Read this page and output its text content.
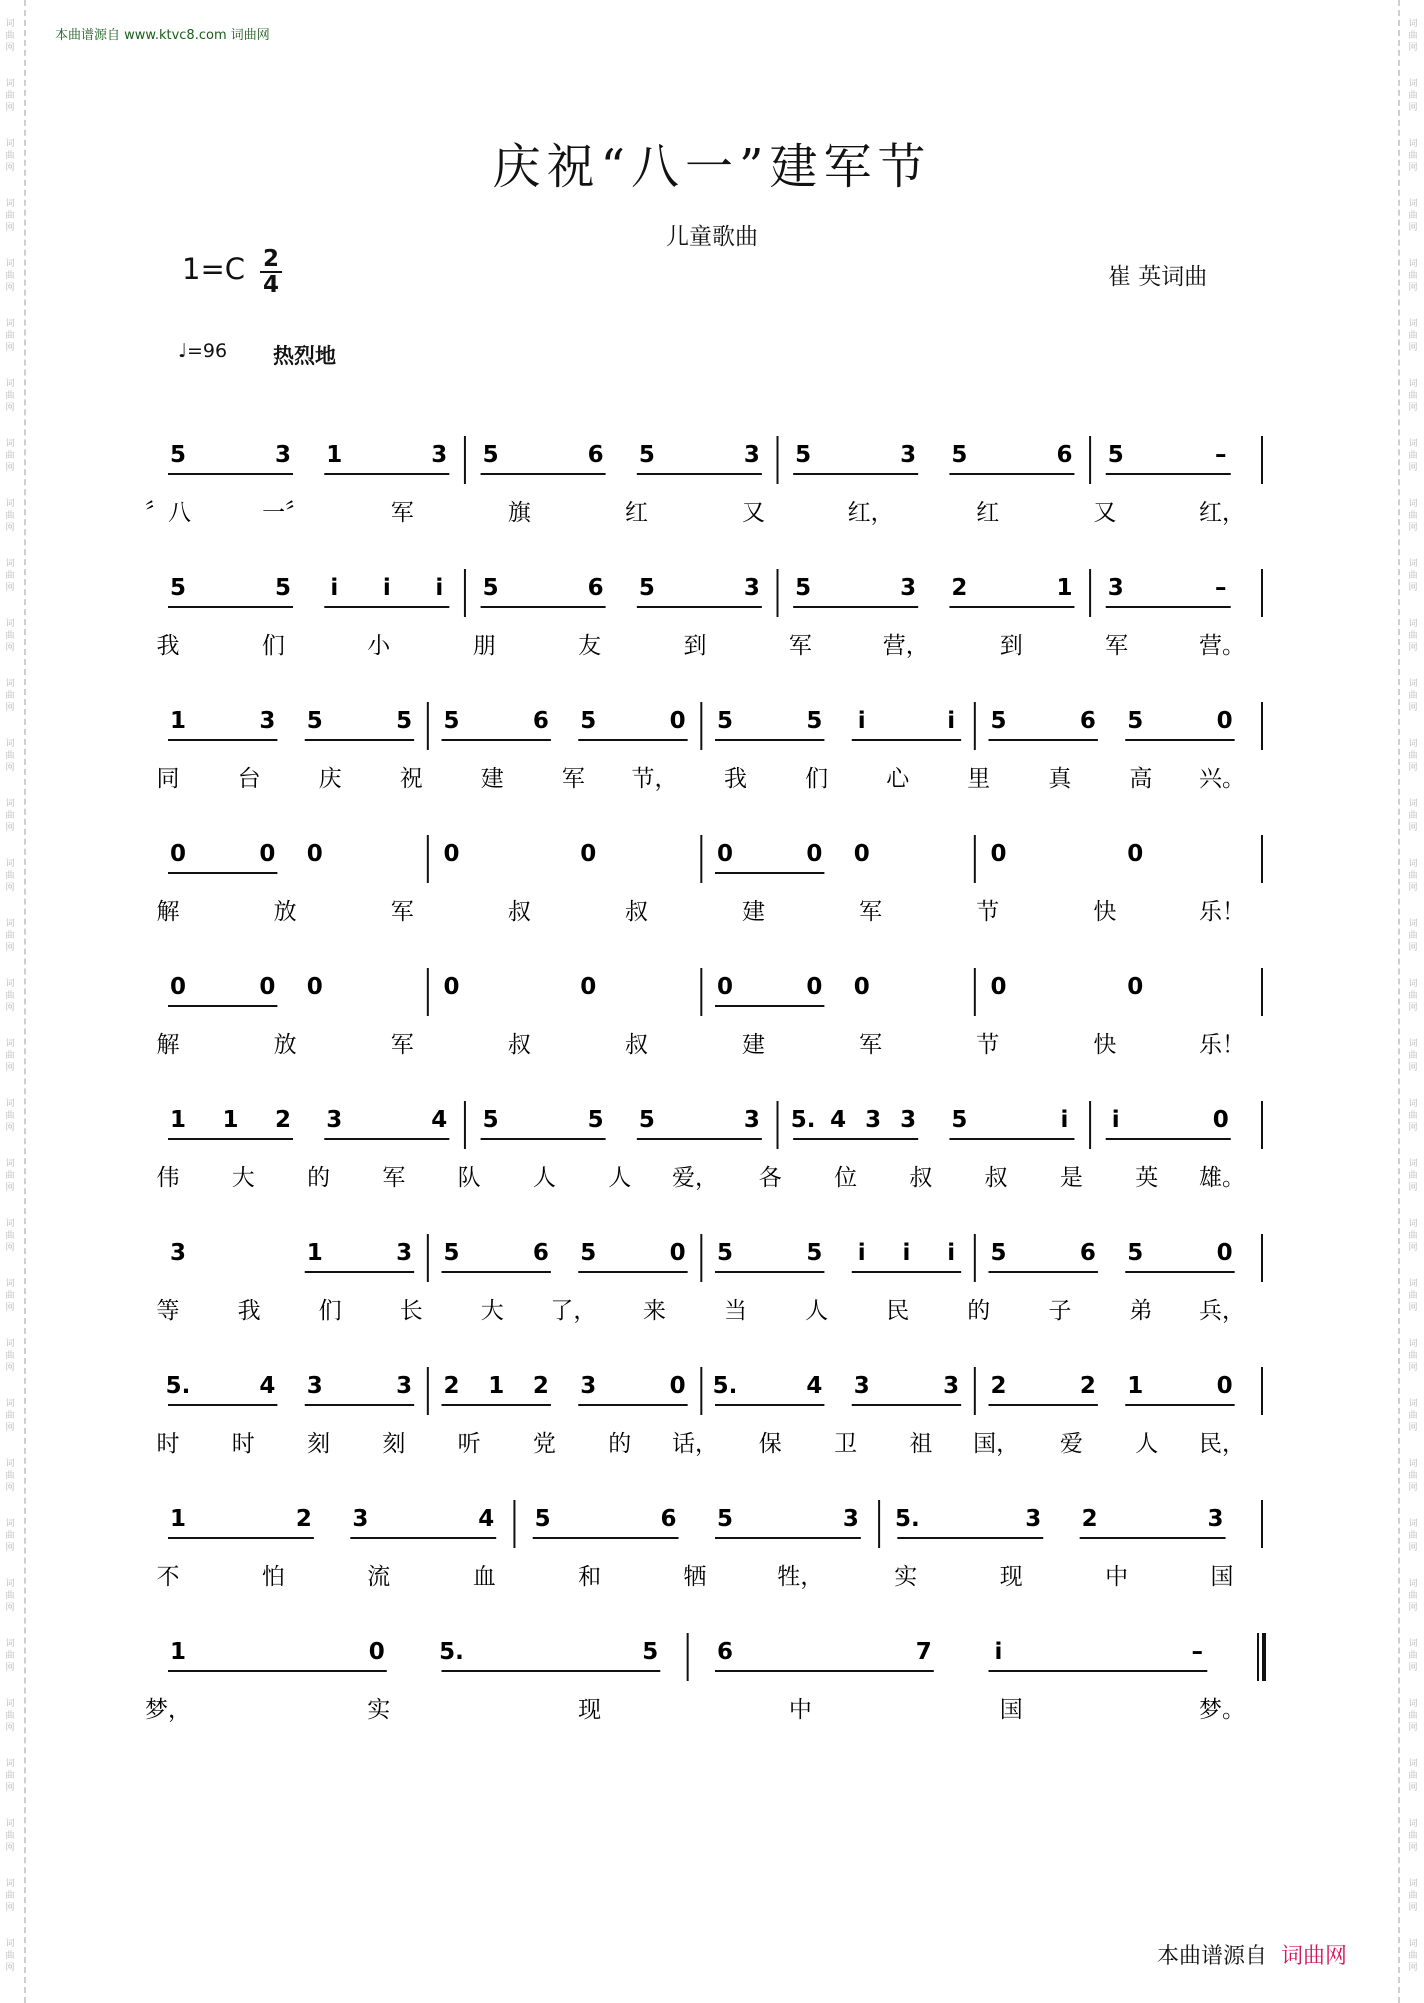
词
曲
网
词
曲
网
词
曲
网
词
曲
网
词
曲
网
词
曲
网
词
曲
网
词
曲
网
词
曲
网
词
曲
网
词
曲
网
词
曲
网
词
曲
网
词
曲
网
词
曲
网
词
曲
网
词
曲
网
词
曲
网
词
曲
网
词
曲
网
词
曲
网
词
曲
网
词
曲
网
词
曲
网
词
曲
网
词
曲
网
词
曲
网
词
曲
网
词
曲
网
词
曲
网
词
曲
网
词
曲
网
词
曲
网
词
曲
网
词
曲
网
词
曲
网
词
曲
网
词
曲
网
词
曲
网
词
曲
网
词
曲
网
词
曲
网
词
曲
网
词
曲
网
词
曲
网
词
曲
网
词
曲
网
词
曲
网
词
曲
网
词
曲
网
词
曲
网
词
曲
网
词
曲
网
词
曲
网
词
曲
网
词
曲
网
词
曲
网
词
曲
网
词
曲
网
词
曲
网
词
曲
网
词
曲
网
词
曲
网
词
曲
网
词
曲
网
词
曲
网
本曲谱源自 www.ktvc8.com 词曲网
庆祝“八一”建军节
儿童歌曲
1=C 2
4	崔 英词曲
♩=96 热烈地
5	3 1	3 5	6 5	3 5	3 5	6 5	–
〞八	一〞	军	旗	红	又	红，	红	又	红，
5	5 i i i 5	6 5	3 5	3 2	1 3	–
我	们	小	朋	友	到	军	营，	到	军	营。
1	3 5	5 5	6 5	0 5	5 i	i 5	6 5	0
同	台	庆	祝	建	军 节， 我	们	心	里	真	高 兴。
0	0 0	0	0	0	0 0	0	0
解	放	军	叔	叔	建	军	节	快	乐！
0	0 0	0	0	0	0 0	0	0
解	放	军	叔	叔	建	军	节	快	乐！
1 1 2 3	4 5	5 5	3 5. 4 3 3 5	i i	0
伟 大 的 军 队 人 人 爱， 各 位 叔 叔 是 英 雄。
3	1	3 5	6 5	0 5	5 i i i 5	6 5	0
等	我	们	长	大 了， 来	当	人	民	的	子	弟 兵，
5.	4 3	3 2 1 2 3	0 5.	4 3	3 2	2 1	0
时 时 刻 刻 听 党 的 话， 保 卫 祖 国， 爱 人 民，
1	2 3	4 5	6 5	3 5.	3 2	3
不	怕	流	血	和	牺	牲，	实	现	中	国
1	0 5.	5	6	7	i	–
梦，	实	现	中	国	梦。
本曲谱源自 词曲网
